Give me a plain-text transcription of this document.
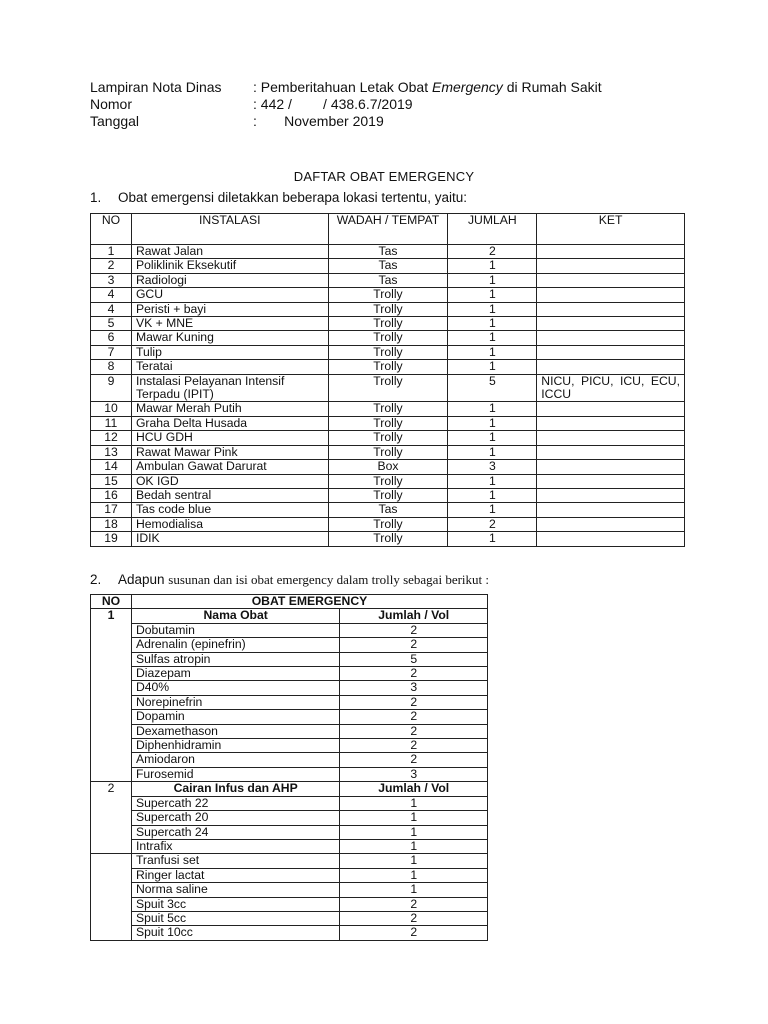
Lampiran Nota Dinas	: Pemberitahuan Letak Obat Emergency di Rumah Sakit
Nomor	: 442 /        / 438.6.7/2019
Tanggal	:       November 2019
DAFTAR OBAT EMERGENCY
1. Obat emergensi diletakkan beberapa lokasi tertentu, yaitu:
NO	INSTALASI	WADAH / TEMPAT	JUMLAH	KET
1	Rawat Jalan	Tas	2	
2	Poliklinik Eksekutif	Tas	1	
3	Radiologi	Tas	1	
4	GCU	Trolly	1	
4	Peristi + bayi	Trolly	1	
5	VK + MNE	Trolly	1	
6	Mawar Kuning	Trolly	1	
7	Tulip	Trolly	1	
8	Teratai	Trolly	1	
9	Instalasi Pelayanan Intensif Terpadu (IPIT)	Trolly	5	NICU, PICU, ICU, ECU, ICCU
10	Mawar Merah Putih	Trolly	1	
11	Graha Delta Husada	Trolly	1	
12	HCU GDH	Trolly	1	
13	Rawat Mawar Pink	Trolly	1	
14	Ambulan Gawat Darurat	Box	3	
15	OK IGD	Trolly	1	
16	Bedah sentral	Trolly	1	
17	Tas code blue	Tas	1	
18	Hemodialisa	Trolly	2	
19	IDIK	Trolly	1	
2. Adapun susunan dan isi obat emergency dalam trolly sebagai berikut :
NO	OBAT EMERGENCY	
1	Nama Obat	Jumlah / Vol
	Dobutamin	2
	Adrenalin (epinefrin)	2
	Sulfas atropin	5
	Diazepam	2
	D40%	3
	Norepinefrin	2
	Dopamin	2
	Dexamethason	2
	Diphenhidramin	2
	Amiodaron	2
	Furosemid	3
2	Cairan Infus dan AHP	Jumlah / Vol
	Supercath 22	1
	Supercath 20	1
	Supercath 24	1
	Intrafix	1
	Tranfusi set	1
	Ringer lactat	1
	Norma saline	1
	Spuit 3cc	2
	Spuit 5cc	2
	Spuit 10cc	2
